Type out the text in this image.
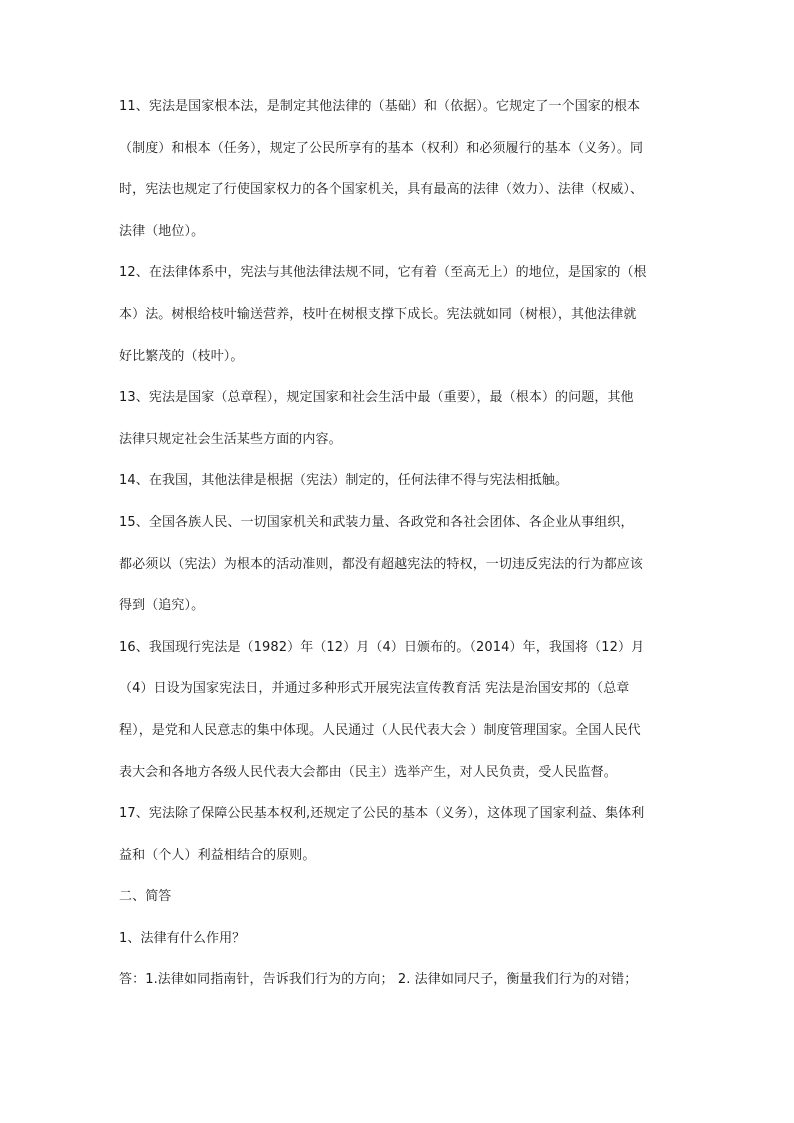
11、宪法是国家根本法，是制定其他法律的（基础）和（依据）。它规定了一个国家的根本
（制度）和根本（任务），规定了公民所享有的基本（权利）和必须履行的基本（义务）。同
时，宪法也规定了行使国家权力的各个国家机关，具有最高的法律（效力）、法律（权威）、
法律（地位）。
12、在法律体系中，宪法与其他法律法规不同，它有着（至高无上）的地位，是国家的（根
本）法。树根给枝叶输送营养，枝叶在树根支撑下成长。宪法就如同（树根），其他法律就
好比繁茂的（枝叶）。
13、宪法是国家（总章程），规定国家和社会生活中最（重要），最（根本）的问题，其他
法律只规定社会生活某些方面的内容。
14、在我国，其他法律是根据（宪法）制定的，任何法律不得与宪法相抵触。
15、全国各族人民、一切国家机关和武装力量、各政党和各社会团体、各企业从事组织，
都必须以（宪法）为根本的活动准则，都没有超越宪法的特权，一切违反宪法的行为都应该
得到（追究）。
16、我国现行宪法是（1982）年（12）月（4）日颁布的。（2014）年，我国将（12）月
（4）日设为国家宪法日，并通过多种形式开展宪法宣传教育活 宪法是治国安邦的（总章
程），是党和人民意志的集中体现。人民通过（人民代表大会 ）制度管理国家。全国人民代
表大会和各地方各级人民代表大会都由（民主）选举产生，对人民负责，受人民监督。
17、宪法除了保障公民基本权利,还规定了公民的基本（义务），这体现了国家利益、集体利
益和（个人）利益相结合的原则。
二、简答
1、法律有什么作用？
答：1.法律如同指南针，告诉我们行为的方向； 2. 法律如同尺子，衡量我们行为的对错；
